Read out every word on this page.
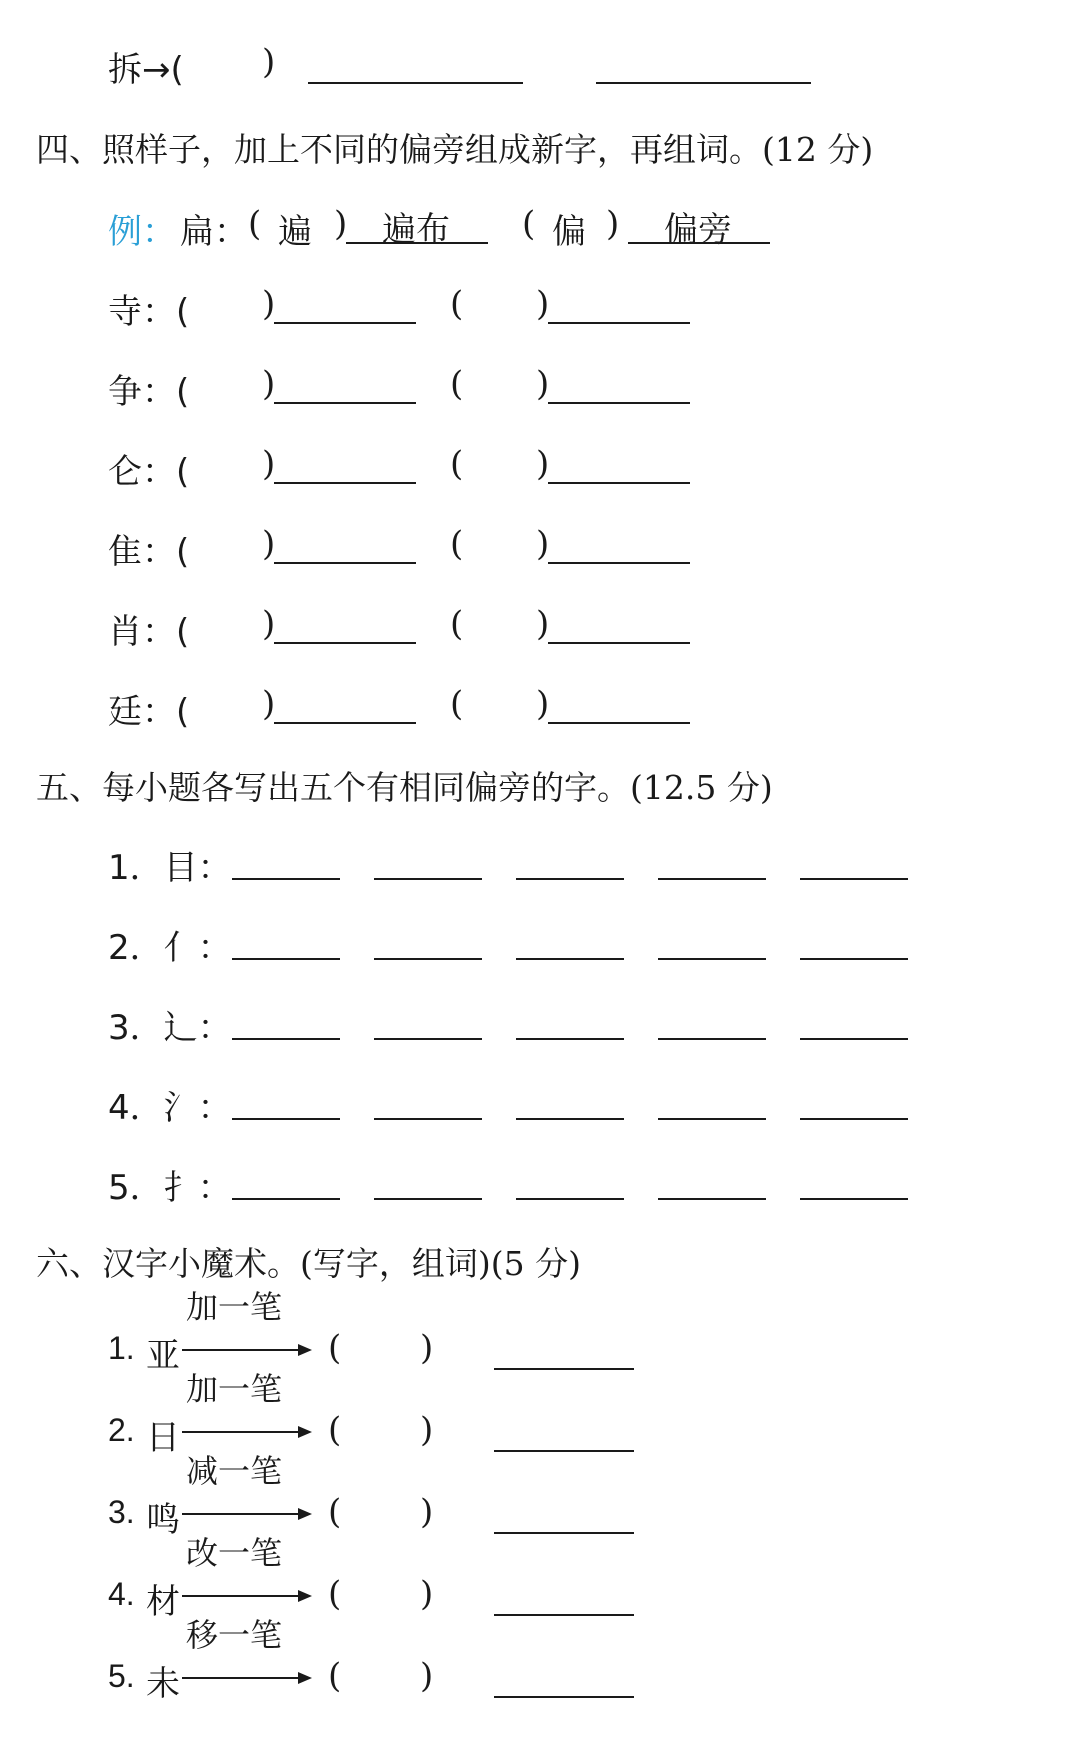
拆→( )
四、照样子，加上不同的偏旁组成新字，再组词。(12 分)
例： 扁： ( 遍 ) 遍布 ( 偏 ) 偏旁
寺：( )	( )
争：( )	( )
仑：( )	( )
隹：( )	( )
肖：( )	( )
廷：( )	( )
五、每小题各写出五个有相同偏旁的字。(12.5 分)
1．目：
2．亻：
3．辶：
4．氵：
5．扌：
六、汉字小魔术。(写字，组词)(5 分)
1. 亚
加一笔
( )
2. 日
加一笔
( )
3. 鸣
减一笔
( )
4. 材
改一笔
( )
5. 未
移一笔
( )
